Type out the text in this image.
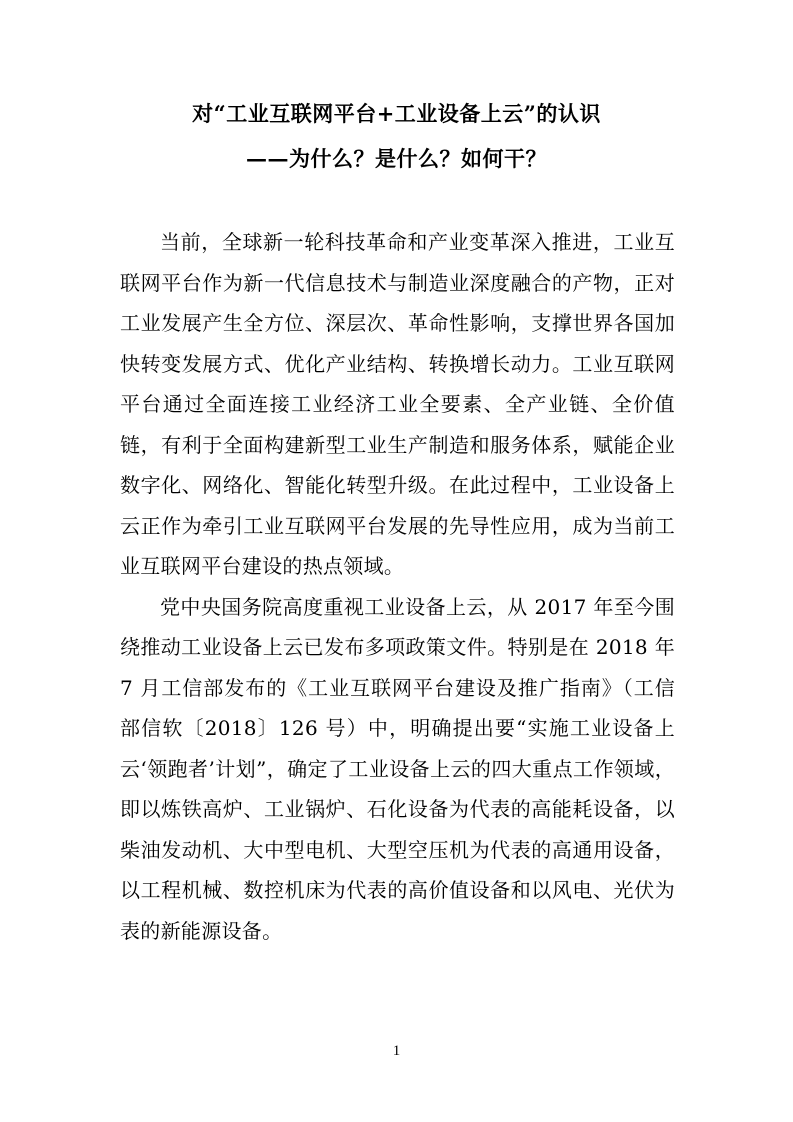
对“工业互联网平台+工业设备上云”的认识
——为什么？是什么？如何干？

当前，全球新一轮科技革命和产业变革深入推进，工业互联网平台作为新一代信息技术与制造业深度融合的产物，正对工业发展产生全方位、深层次、革命性影响，支撑世界各国加快转变发展方式、优化产业结构、转换增长动力。工业互联网平台通过全面连接工业经济工业全要素、全产业链、全价值链，有利于全面构建新型工业生产制造和服务体系，赋能企业数字化、网络化、智能化转型升级。在此过程中，工业设备上云正作为牵引工业互联网平台发展的先导性应用，成为当前工业互联网平台建设的热点领域。

党中央国务院高度重视工业设备上云，从 2017 年至今围绕推动工业设备上云已发布多项政策文件。特别是在 2018 年 7 月工信部发布的《工业互联网平台建设及推广指南》（工信部信软〔2018〕126 号）中，明确提出要“实施工业设备上云‘领跑者’计划”，确定了工业设备上云的四大重点工作领域，即以炼铁高炉、工业锅炉、石化设备为代表的高能耗设备，以柴油发动机、大中型电机、大型空压机为代表的高通用设备，以工程机械、数控机床为代表的高价值设备和以风电、光伏为表的新能源设备。

1
